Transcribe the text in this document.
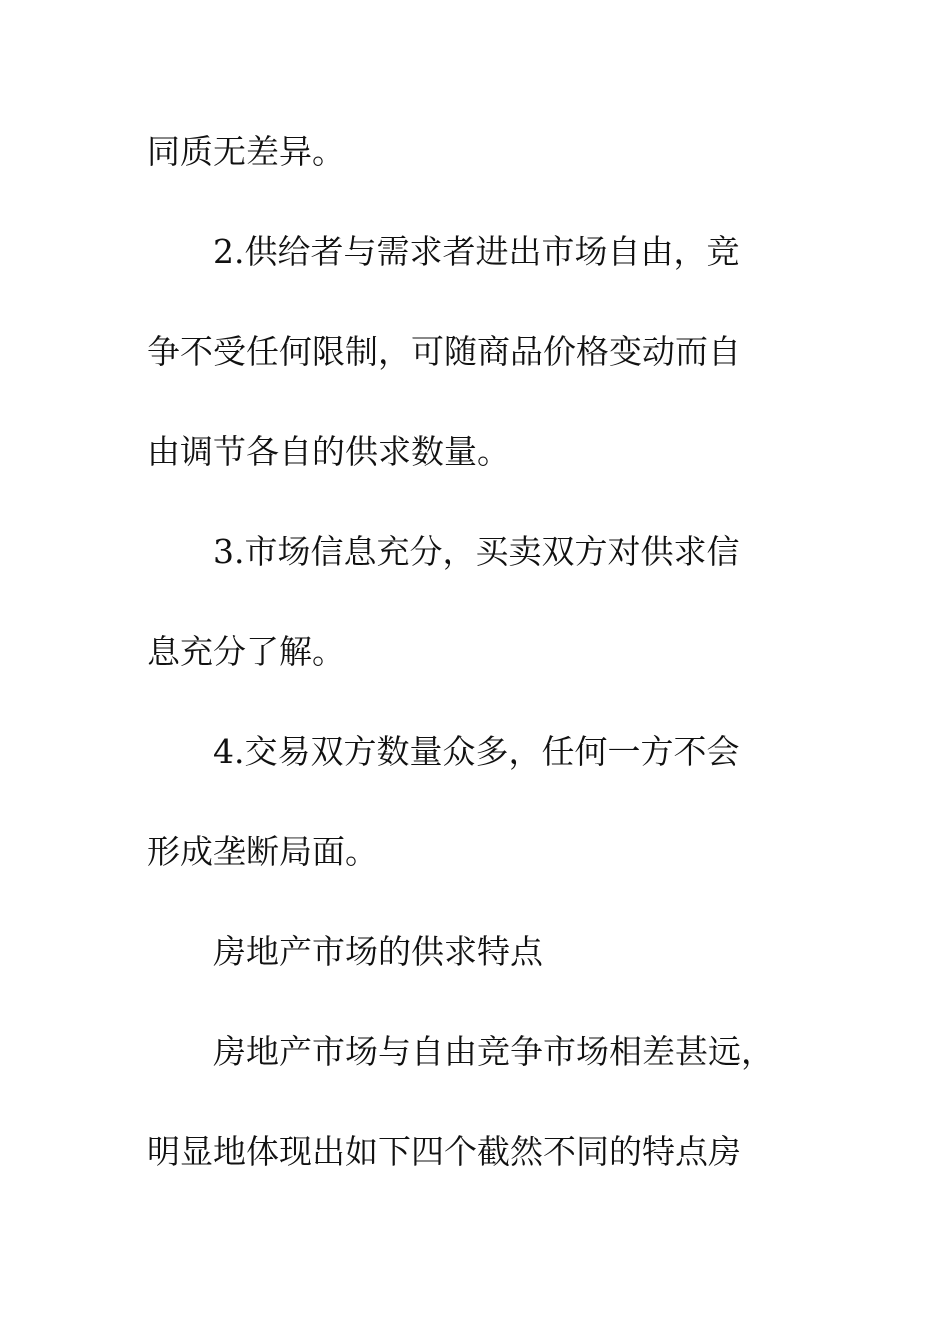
同质无差异。
2.供给者与需求者进出市场自由，竞
争不受任何限制，可随商品价格变动而自
由调节各自的供求数量。
3.市场信息充分，买卖双方对供求信
息充分了解。
4.交易双方数量众多，任何一方不会
形成垄断局面。
房地产市场的供求特点
房地产市场与自由竞争市场相差甚远，
明显地体现出如下四个截然不同的特点房
